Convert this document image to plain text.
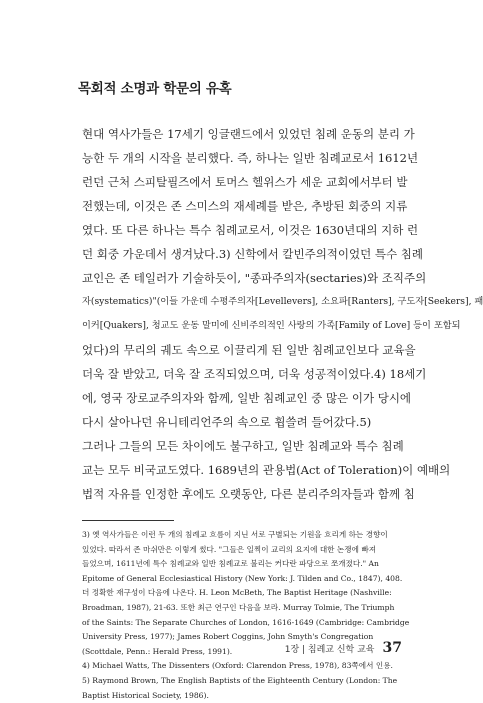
목회적 소명과 학문의 유혹
현대 역사가들은 17세기 잉글랜드에서 있었던 침례 운동의 분리 가
능한 두 개의 시작을 분리했다. 즉, 하나는 일반 침례교로서 1612년
런던 근처 스피탈필즈에서 토머스 헬위스가 세운 교회에서부터 발
전했는데, 이것은 존 스미스의 재세례를 받은, 추방된 회중의 지류
였다. 또 다른 하나는 특수 침례교로서, 이것은 1630년대의 지하 런
던 회중 가운데서 생겨났다.3) 신학에서 칼빈주의적이었던 특수 침례
교인은 존 테일러가 기술하듯이, "종파주의자(sectaries)와 조직주의
자(systematics)"(이들 가운데 수평주의자[Levellevers], 소요파[Ranters], 구도자[Seekers], 패
이커[Quakers], 청교도 운동 말미에 신비주의적인 사랑의 가족[Family of Love] 등이 포함되
었다)의 무리의 궤도 속으로 이끌리게 된 일반 침례교인보다 교육을
더욱 잘 받았고, 더욱 잘 조직되었으며, 더욱 성공적이었다.4) 18세기
에, 영국 장로교주의자와 함께, 일반 침례교인 중 많은 이가 당시에
다시 살아나던 유니테리언주의 속으로 휩쓸려 들어갔다.5)
그러나 그들의 모든 차이에도 불구하고, 일반 침례교와 특수 침례
교는 모두 비국교도였다. 1689년의 관용법(Act of Toleration)이 예배의
법적 자유를 인정한 후에도 오랫동안, 다른 분리주의자들과 함께 침
3) 옛 역사가들은 이런 두 개의 침례교 흐름이 지닌 서로 구별되는 기원을 흐리게 하는 경향이
있었다. 따라서 존 마쉬만은 이렇게 썼다. "그들은 일찍이 교리의 요지에 대한 논쟁에 빠져
들었으며, 1611년에 특수 침례교와 일반 침례교로 불리는 커다란 파당으로 쪼개졌다." An
Epitome of General Ecclesiastical History (New York: J. Tilden and Co., 1847), 408.
더 정확한 재구성이 다음에 나온다. H. Leon McBeth, The Baptist Heritage (Nashville:
Broadman, 1987), 21-63. 또한 최근 연구인 다음을 보라. Murray Tolmie, The Triumph
of the Saints: The Separate Churches of London, 1616-1649 (Cambridge: Cambridge
University Press, 1977); James Robert Coggins, John Smyth's Congregation
(Scottdale, Penn.: Herald Press, 1991).
4) Michael Watts, The Dissenters (Oxford: Clarendon Press, 1978), 83쪽에서 인용.
5) Raymond Brown, The English Baptists of the Eighteenth Century (London: The
Baptist Historical Society, 1986).
1장 | 침례교 신학 교육 37
